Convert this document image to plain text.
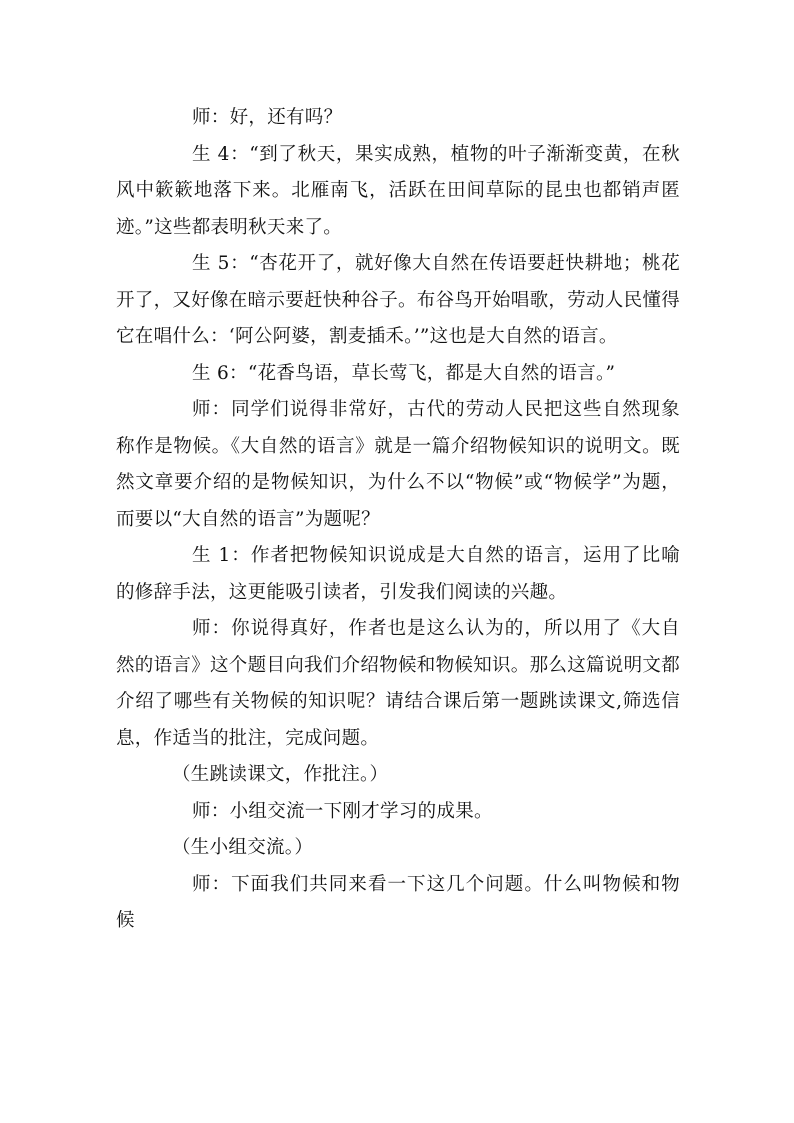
师：好，还有吗？

生 4：“到了秋天，果实成熟，植物的叶子渐渐变黄，在秋风中簌簌地落下来。北雁南飞，活跃在田间草际的昆虫也都销声匿迹。”这些都表明秋天来了。

生 5：“杏花开了，就好像大自然在传语要赶快耕地；桃花开了，又好像在暗示要赶快种谷子。布谷鸟开始唱歌，劳动人民懂得它在唱什么：‘阿公阿婆，割麦插禾。’”这也是大自然的语言。

生 6：“花香鸟语，草长莺飞，都是大自然的语言。”

师：同学们说得非常好，古代的劳动人民把这些自然现象称作是物候。《大自然的语言》就是一篇介绍物候知识的说明文。既然文章要介绍的是物候知识，为什么不以“物候”或“物候学”为题，而要以“大自然的语言”为题呢？

生 1：作者把物候知识说成是大自然的语言，运用了比喻的修辞手法，这更能吸引读者，引发我们阅读的兴趣。

师：你说得真好，作者也是这么认为的，所以用了《大自然的语言》这个题目向我们介绍物候和物候知识。那么这篇说明文都介绍了哪些有关物候的知识呢？请结合课后第一题跳读课文,筛选信息，作适当的批注，完成问题。

（生跳读课文，作批注。）

师：小组交流一下刚才学习的成果。

（生小组交流。）

师：下面我们共同来看一下这几个问题。什么叫物候和物候
